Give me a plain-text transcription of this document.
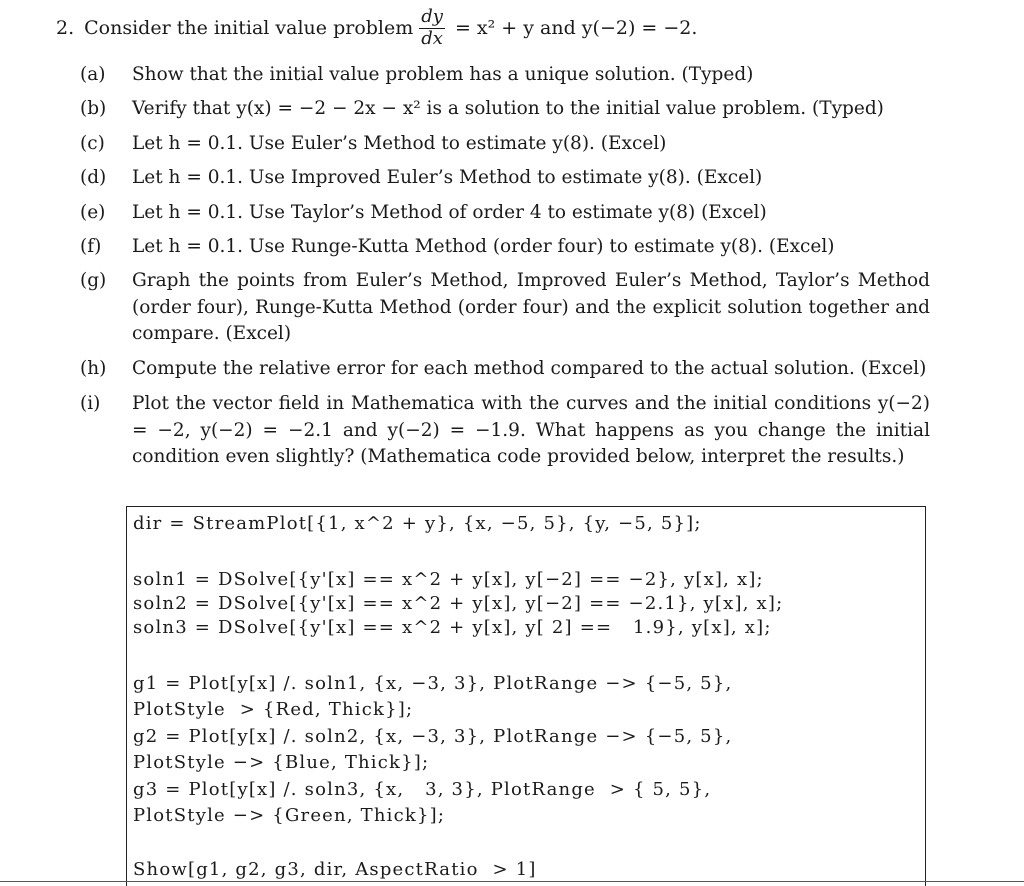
2. Consider the initial value problem $\frac{dy}{dx} = x^2 + y$ and y(−2) = −2.
(a)	Show that the initial value problem has a unique solution. (Typed)
(b)	Verify that y(x) = −2 − 2x − x² is a solution to the initial value problem. (Typed)
(c)	Let h = 0.1. Use Euler’s Method to estimate y(8). (Excel)
(d)	Let h = 0.1. Use Improved Euler’s Method to estimate y(8). (Excel)
(e)	Let h = 0.1. Use Taylor’s Method of order 4 to estimate y(8) (Excel)
(f)	Let h = 0.1. Use Runge-Kutta Method (order four) to estimate y(8). (Excel)
(g)	Graph the points from Euler’s Method, Improved Euler’s Method, Taylor’s Method (order four), Runge-Kutta Method (order four) and the explicit solution together and compare. (Excel)
(h)	Compute the relative error for each method compared to the actual solution. (Excel)
(i)	Plot the vector field in Mathematica with the curves and the initial conditions y(−2) = −2, y(−2) = −2.1 and y(−2) = −1.9. What happens as you change the initial condition even slightly? (Mathematica code provided below, interpret the results.)
dir = StreamPlot[{1, x^2 + y}, {x, −5, 5}, {y, −5, 5}];
soln1 = DSolve[{y'[x] == x^2 + y[x], y[−2] == −2}, y[x], x];
soln2 = DSolve[{y'[x] == x^2 + y[x], y[−2] == −2.1}, y[x], x];
soln3 = DSolve[{y'[x] == x^2 + y[x], y[ 2] ==   1.9}, y[x], x];
g1 = Plot[y[x] /. soln1, {x, −3, 3}, PlotRange −> {−5, 5},
PlotStyle  > {Red, Thick}];
g2 = Plot[y[x] /. soln2, {x, −3, 3}, PlotRange −> {−5, 5},
PlotStyle −> {Blue, Thick}];
g3 = Plot[y[x] /. soln3, {x,   3, 3}, PlotRange  > { 5, 5},
PlotStyle −> {Green, Thick}];
Show[g1, g2, g3, dir, AspectRatio  > 1]
